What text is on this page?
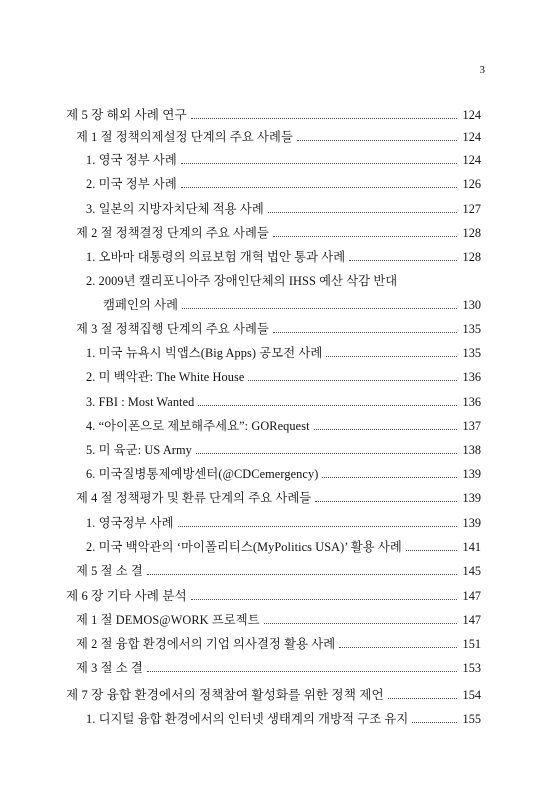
3
제 5 장 해외 사례 연구	124
제 1 절 정책의제설정 단계의 주요 사례들	124
1. 영국 정부 사례	124
2. 미국 정부 사례	126
3. 일본의 지방자치단체 적용 사례	127
제 2 절 정책결정 단계의 주요 사례들	128
1. 오바마 대통령의 의료보험 개혁 법안 통과 사례	128
2. 2009년 캘리포니아주 장애인단체의 IHSS 예산 삭감 반대
캠페인의 사례	130
제 3 절 정책집행 단계의 주요 사례들	135
1. 미국 뉴욕시 빅앱스(Big Apps) 공모전 사례	135
2. 미 백악관: The White House	136
3. FBI : Most Wanted	136
4. “아이폰으로 제보해주세요”: GORequest	137
5. 미 육군: US Army	138
6. 미국질병통제예방센터(@CDCemergency)	139
제 4 절 정책평가 및 환류 단계의 주요 사례들	139
1. 영국정부 사례	139
2. 미국 백악관의 ‘마이폴리티스(MyPolitics USA)’ 활용 사례	141
제 5 절 소 결	145
제 6 장 기타 사례 분석	147
제 1 절 DEMOS@WORK 프로젝트	147
제 2 절 융합 환경에서의 기업 의사결정 활용 사례	151
제 3 절 소 결	153
제 7 장 융합 환경에서의 정책참여 활성화를 위한 정책 제언	154
1. 디지털 융합 환경에서의 인터넷 생태계의 개방적 구조 유지	155
